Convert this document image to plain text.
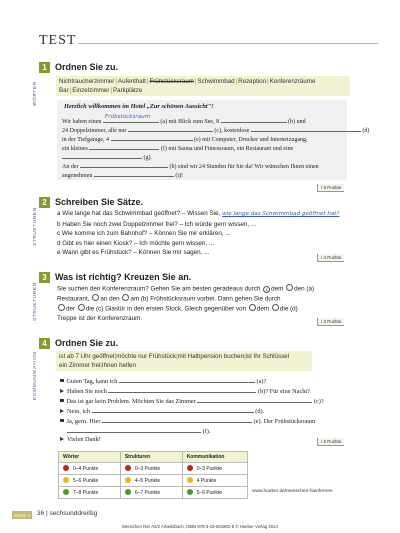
TEST
1 Ordnen Sie zu.
WÖRTER	Nichtraucherzimmer|Aufenthalt|Frühstücksraum|Schwimmbad|Rezeption|Konferenzräume
Bar|Einzelzimmer|Parkplätze
Herzlich willkommen im Hotel „Zur schönen Aussicht"!
Wir haben einen
Frühstücksraum
(a) mit Blick zum See, 8	(b) und
24 Doppelzimmer, alle nur	(c), kostenlose	(d)
in der Tiefgarage, 4	(e) mit Computer, Drucker und Internetzugang,
ein kleines	(f) mit Sauna und Fitnessraum, ein Restaurant und eine
(g).
An der	(h) sind wir 24 Stunden für Sie da! Wir wünschen Ihnen einen
angenehmen	(i)!
/ 8 Punkte
2 Schreiben Sie Sätze.
STRUKTUREN	a Wie lange hat das Schwimmbad geöffnet? – Wissen Sie, wie lange das Schwimmbad geöffnet hat?
b Haben Sie noch zwei Doppelzimmer frei? – Ich würde gern wissen, ...
c Wie komme ich zum Bahnhof? – Können Sie mir erklären, ...
d Gibt es hier einen Kiosk? – Ich möchte gern wissen, ...
e Wann gibt es Frühstück? – Können Sie mir sagen, ...
/ 4 Punkte
3 Was ist richtig? Kreuzen Sie an.
STRUKTUREN	Sie suchen den Konferenzraum? Gehen Sie am besten geradeaus durch X dem den (a)
Restaurant, an den am (b) Frühstücksraum vorbei. Dann gehen Sie durch
der die (c) Glastür in den ersten Stock. Gleich gegenüber von dem die (d)
Treppe ist der Konferenzraum.	/ 3 Punkte
4 Ordnen Sie zu.
KOMMUNIKATION	ist ab 7 Uhr geöffnet|möchte nur Frühstück|mit Halbpension buchen|ist Ihr Schlüssel
ein Zimmer frei|Ihnen helfen
Guten Tag, kann ich	(a)?
Haben Sie noch	(b)? Für eine Nacht?
Das ist gar kein Problem. Möchten Sie das Zimmer	(c)?
Nein, ich	(d).
Ja, gern. Hier	(e). Der Frühstücksraum
(f).
Vielen Dank!	/ 6 Punkte
Wörter	Strukturen	Kommunikation
0–4 Punkte	0–3 Punkte	0–3 Punkte
5–6 Punkte	4–5 Punkte	4 Punkte
7–8 Punkte	6–7 Punkte	5–6 Punkte	www.hueber.de/menschen-hier/lernen
Modul 4	36 | sechsunddreißig
Menschen hier A2/2 Arbeitsbuch, ISBN 978-3-19-601902-5 © Hueber Verlag 2014
